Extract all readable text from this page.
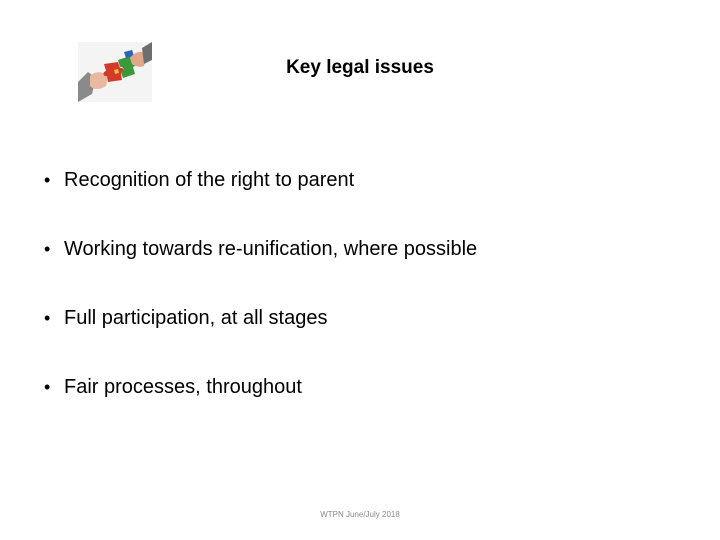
Key legal issues
• Recognition of the right to parent
• Working towards re-unification, where possible
• Full participation, at all stages
• Fair processes, throughout
WTPN June/July 2018
